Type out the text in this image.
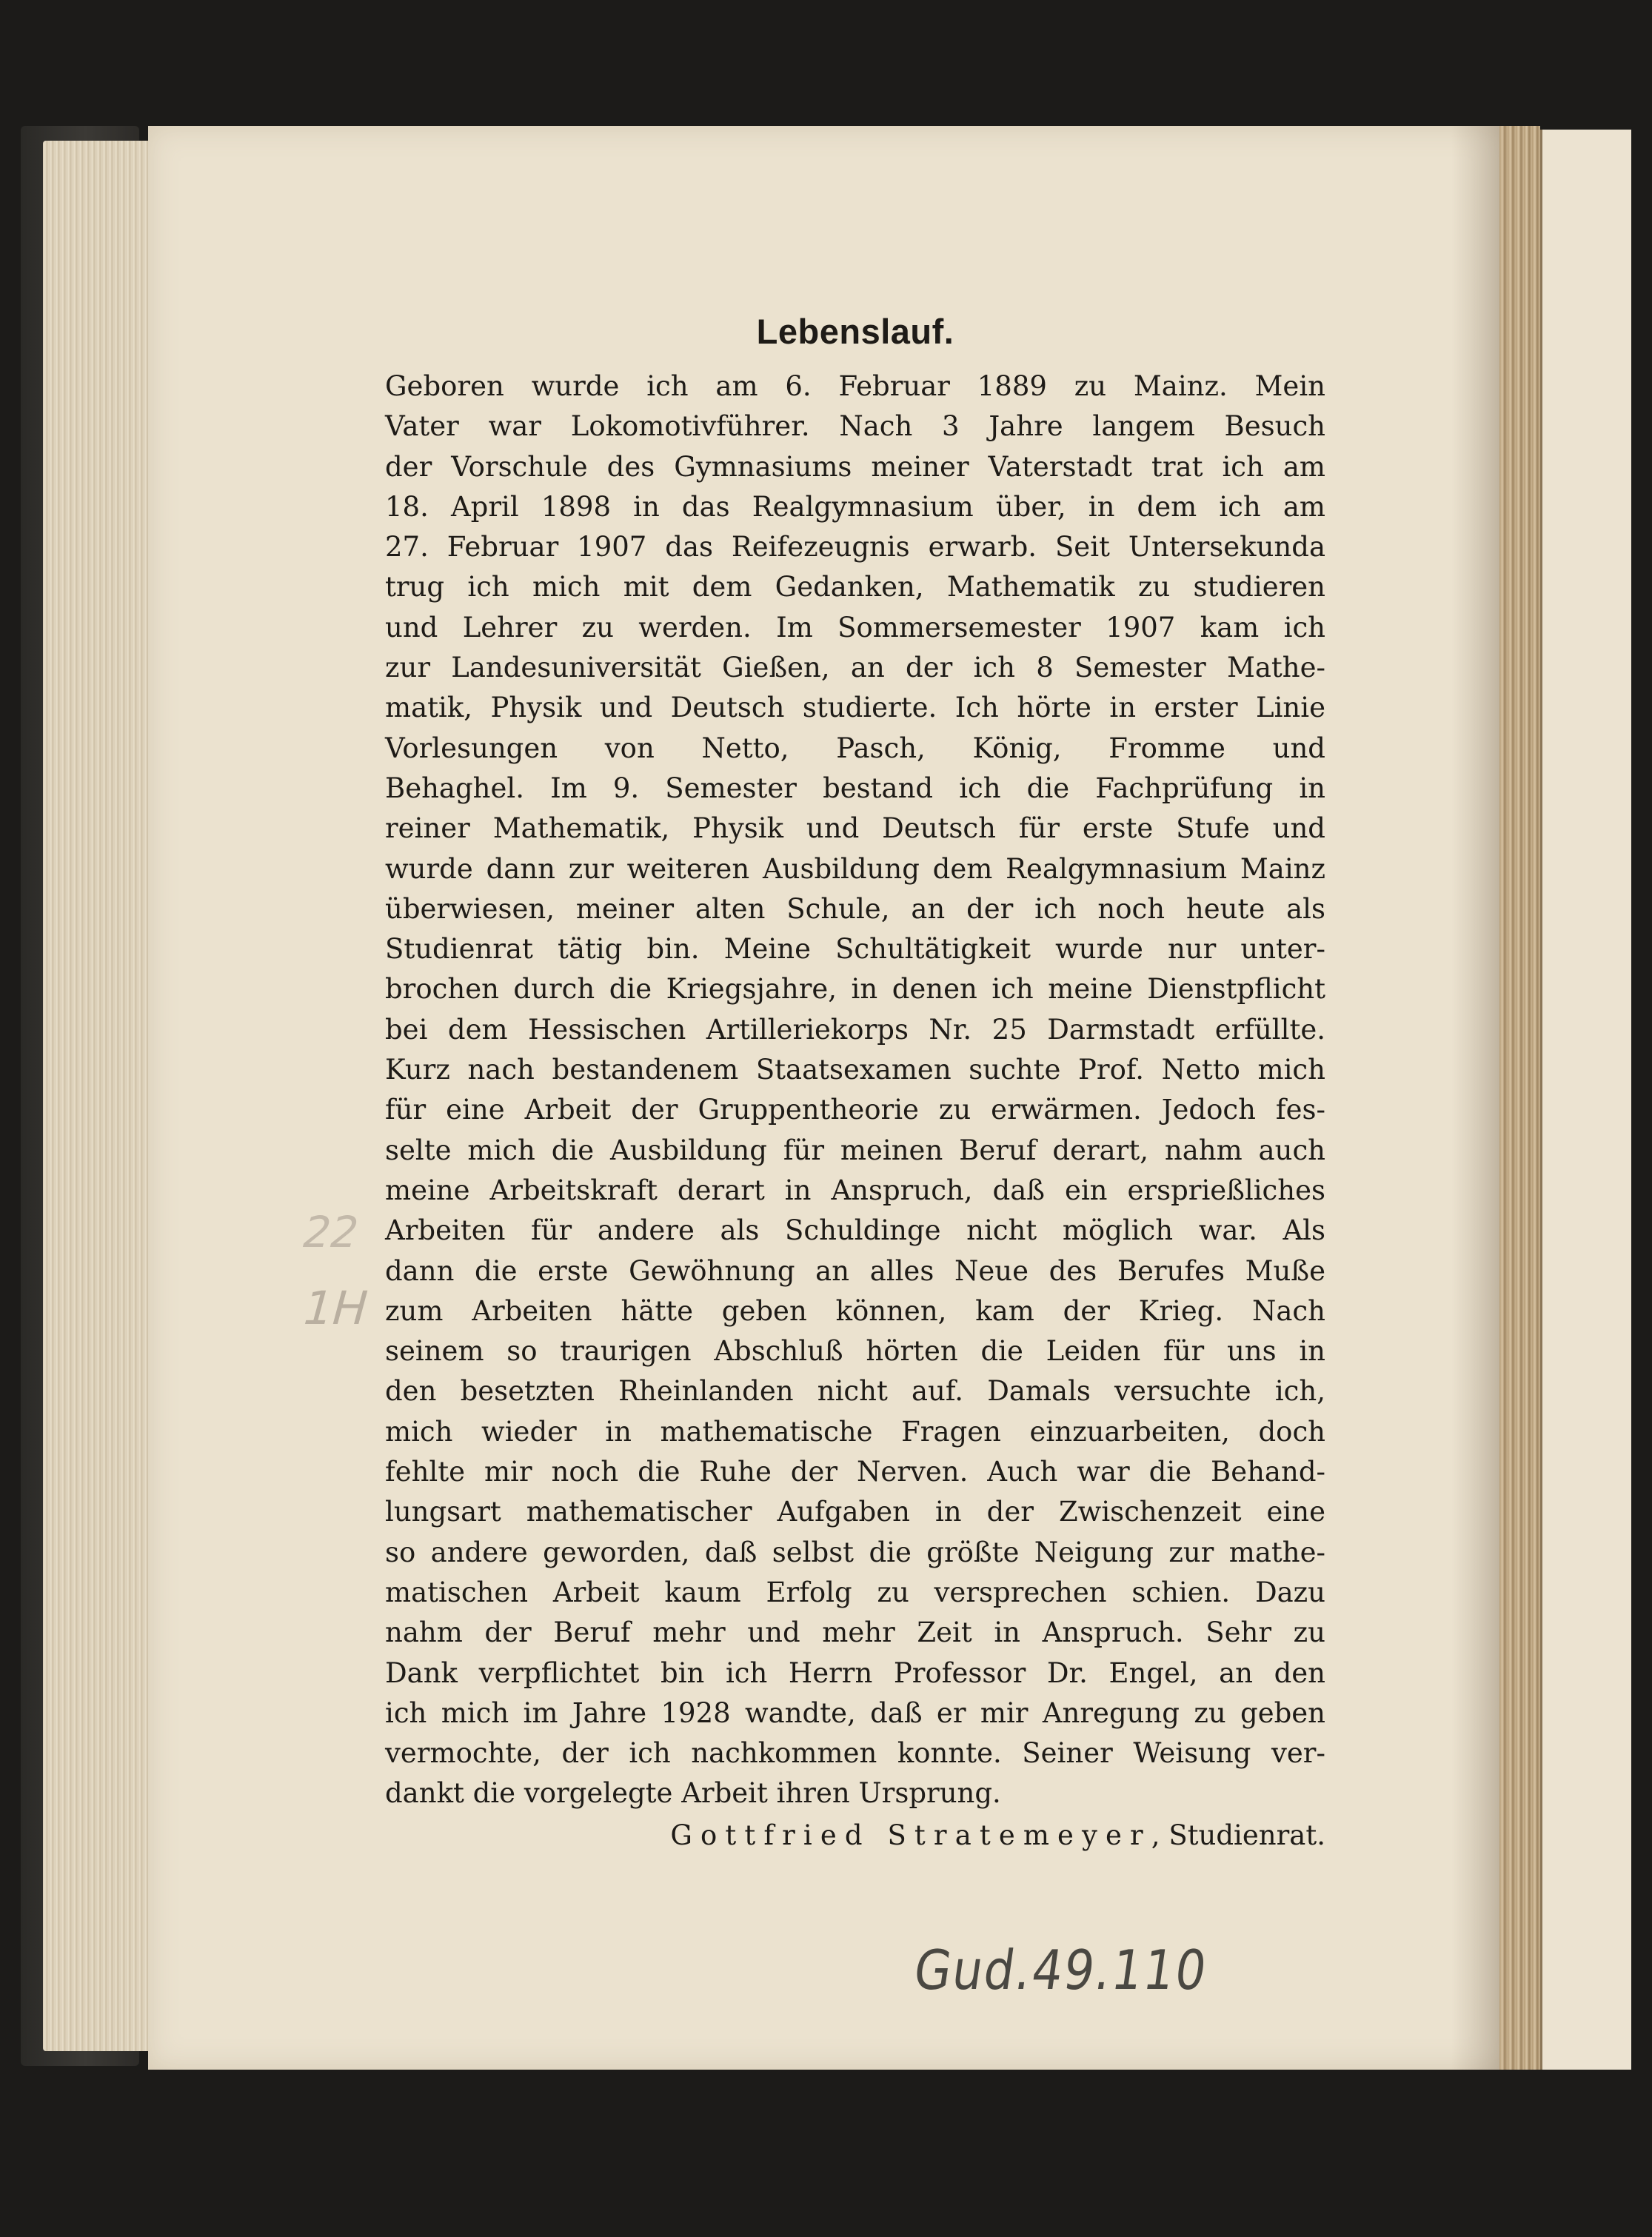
22
1H
Lebenslauf.
Geboren wurde ich am 6. Februar 1889 zu Mainz. Mein
Vater war Lokomotivführer. Nach 3 Jahre langem Besuch
der Vorschule des Gymnasiums meiner Vaterstadt trat ich am
18. April 1898 in das Realgymnasium über, in dem ich am
27. Februar 1907 das Reifezeugnis erwarb. Seit Untersekunda
trug ich mich mit dem Gedanken, Mathematik zu studieren
und Lehrer zu werden. Im Sommersemester 1907 kam ich
zur Landesuniversität Gießen, an der ich 8 Semester Mathe-
matik, Physik und Deutsch studierte. Ich hörte in erster Linie
Vorlesungen von Netto, Pasch, König, Fromme und
Behaghel. Im 9. Semester bestand ich die Fachprüfung in
reiner Mathematik, Physik und Deutsch für erste Stufe und
wurde dann zur weiteren Ausbildung dem Realgymnasium Mainz
überwiesen, meiner alten Schule, an der ich noch heute als
Studienrat tätig bin. Meine Schultätigkeit wurde nur unter-
brochen durch die Kriegsjahre, in denen ich meine Dienstpflicht
bei dem Hessischen Artilleriekorps Nr. 25 Darmstadt erfüllte.
Kurz nach bestandenem Staatsexamen suchte Prof. Netto mich
für eine Arbeit der Gruppentheorie zu erwärmen. Jedoch fes-
selte mich die Ausbildung für meinen Beruf derart, nahm auch
meine Arbeitskraft derart in Anspruch, daß ein ersprießliches
Arbeiten für andere als Schuldinge nicht möglich war. Als
dann die erste Gewöhnung an alles Neue des Berufes Muße
zum Arbeiten hätte geben können, kam der Krieg. Nach
seinem so traurigen Abschluß hörten die Leiden für uns in
den besetzten Rheinlanden nicht auf. Damals versuchte ich,
mich wieder in mathematische Fragen einzuarbeiten, doch
fehlte mir noch die Ruhe der Nerven. Auch war die Behand-
lungsart mathematischer Aufgaben in der Zwischenzeit eine
so andere geworden, daß selbst die größte Neigung zur mathe-
matischen Arbeit kaum Erfolg zu versprechen schien. Dazu
nahm der Beruf mehr und mehr Zeit in Anspruch. Sehr zu
Dank verpflichtet bin ich Herrn Professor Dr. Engel, an den
ich mich im Jahre 1928 wandte, daß er mir Anregung zu geben
vermochte, der ich nachkommen konnte. Seiner Weisung ver-
dankt die vorgelegte Arbeit ihren Ursprung.
Gottfried Stratemeyer, Studienrat.
Gud.49.110
